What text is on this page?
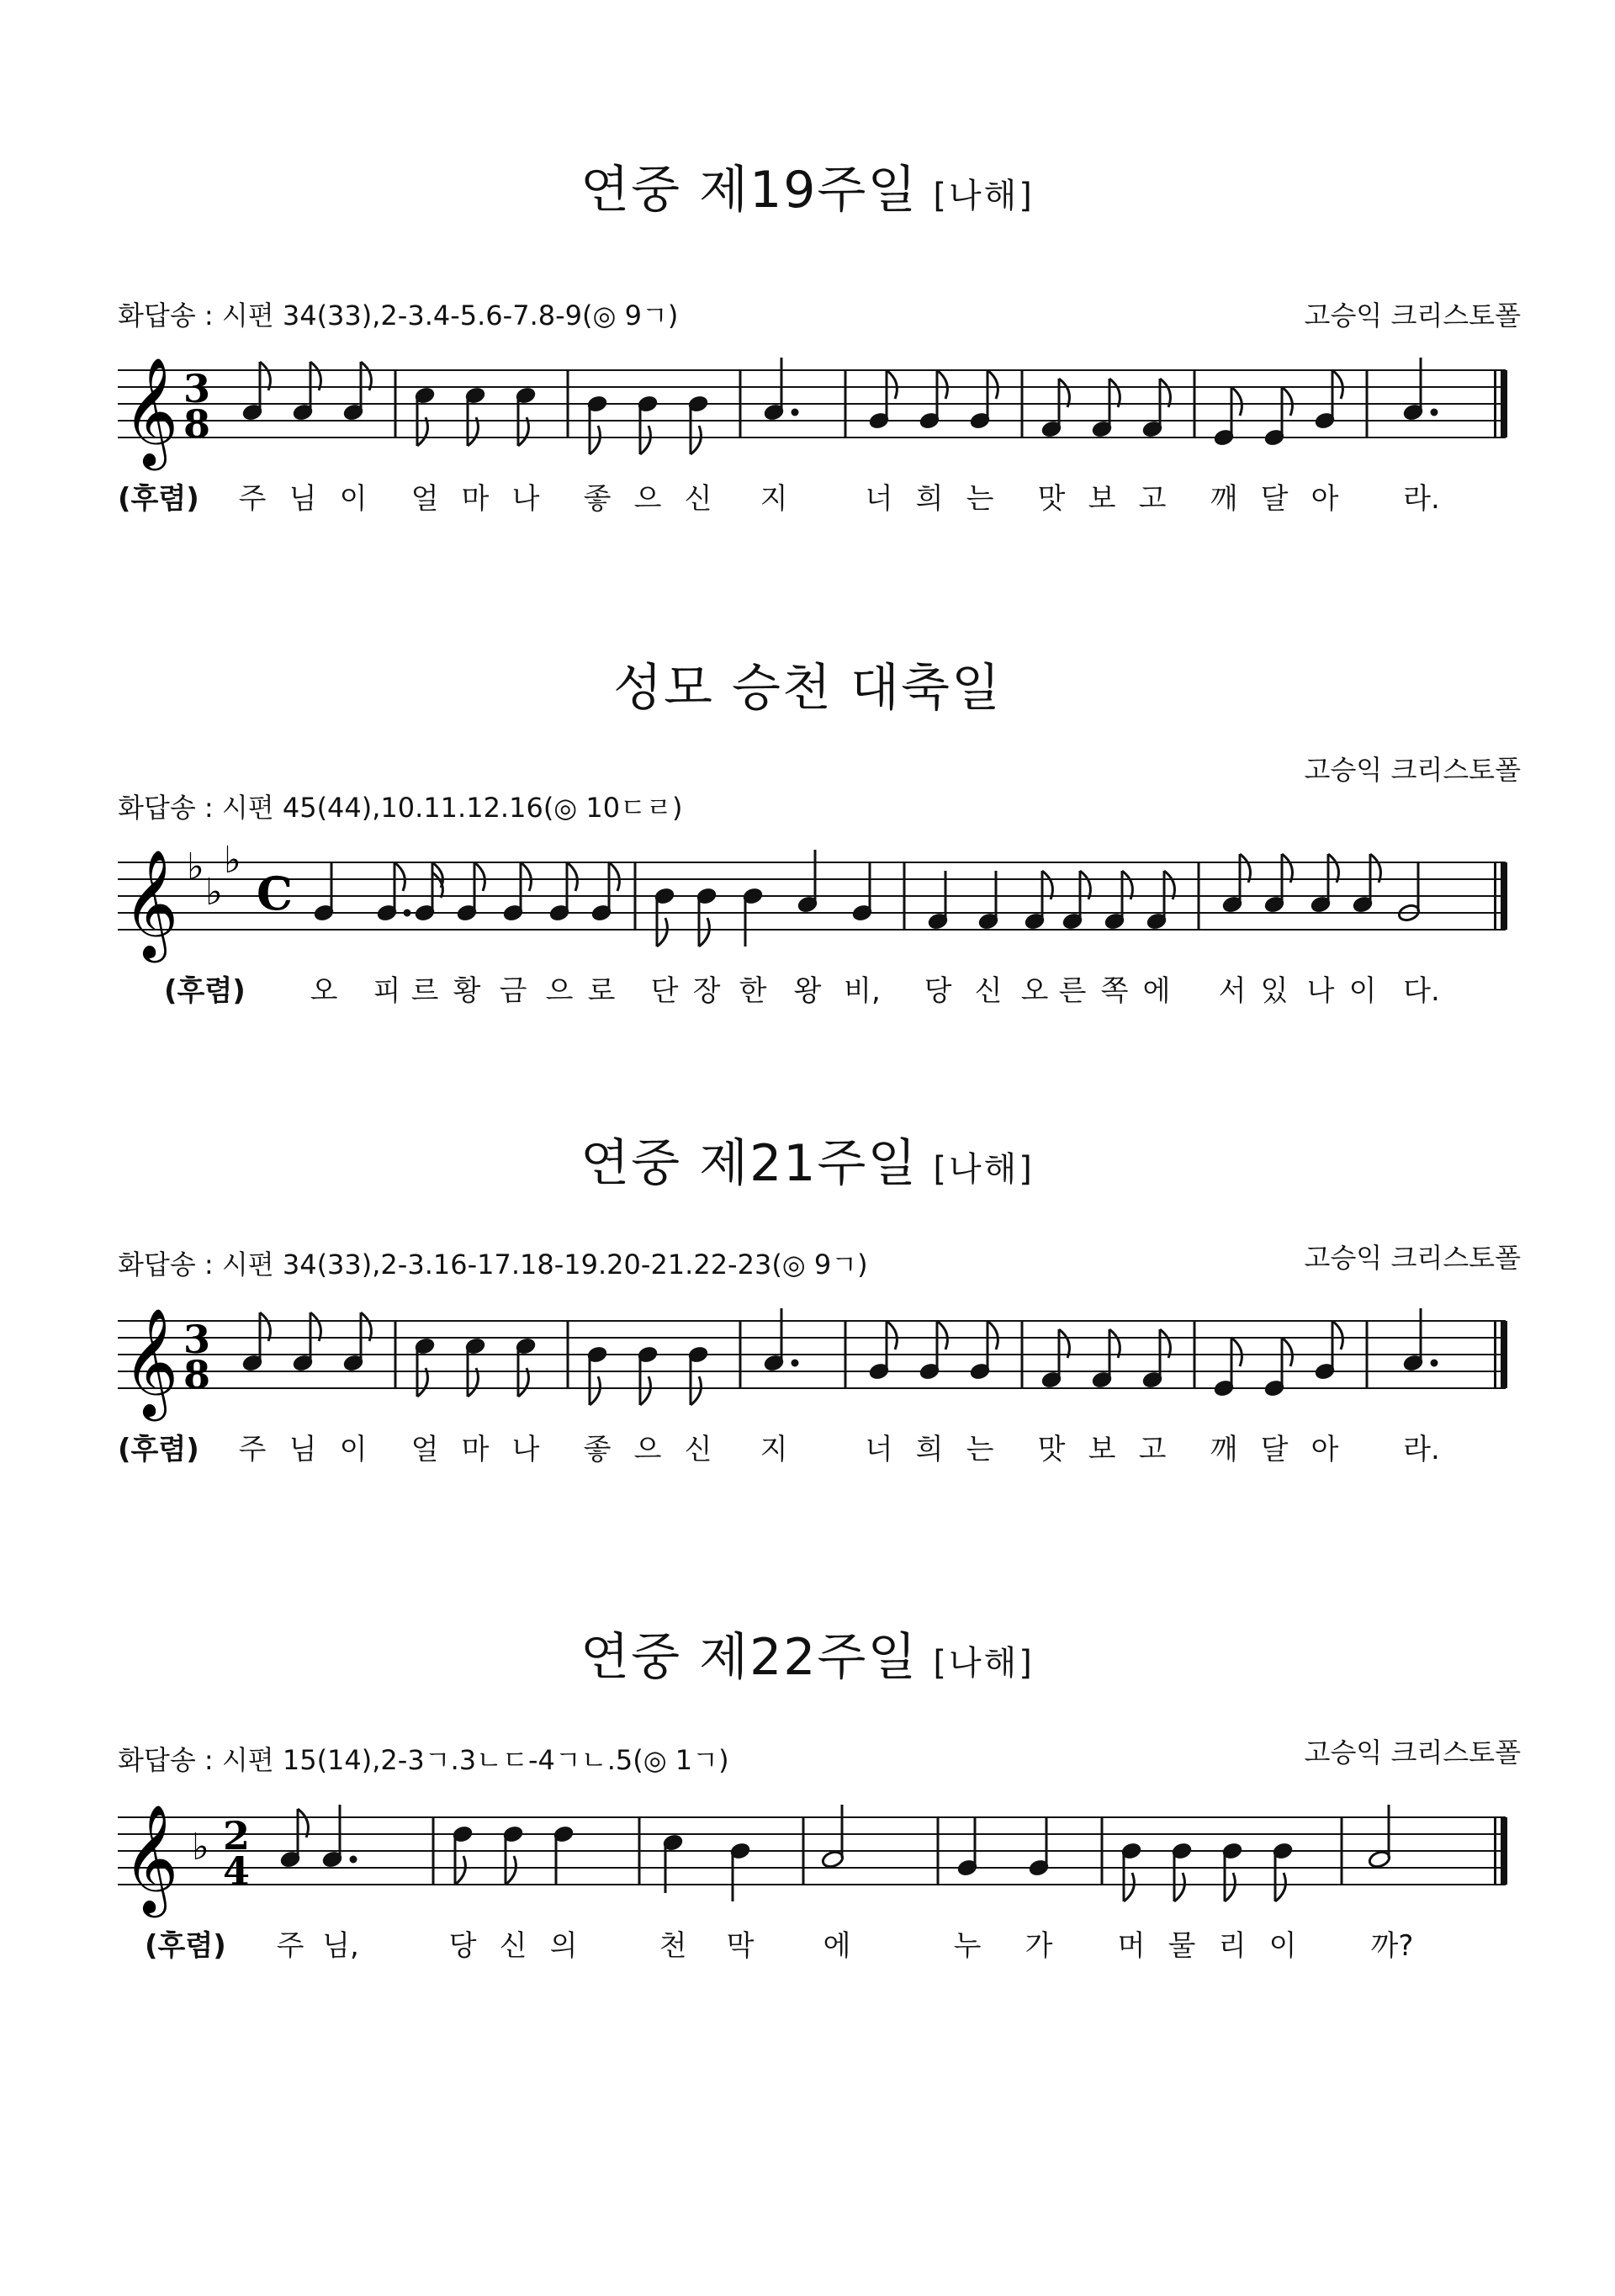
연중 제19주일 [나해]
화답송 : 시편 34(33),2-3.4-5.6-7.8-9(◎ 9ㄱ)	고승익 크리스토폴
𝄞 3
8
(후렴) 주 님 이 얼 마 나 좋 으 신 지	너 희 는 맛 보 고 깨 달 아 라.
성모 승천 대축일
고승익 크리스토폴
화답송 : 시편 45(44),10.11.12.16(◎ 10ㄷㄹ)
𝄞 ♭
♭
♭
C
(후렴) 오 피 르 황 금 으 로 단 장 한 왕 비, 당 신 오 른 쪽 에 서 있 나 이 다.
연중 제21주일 [나해]
화답송 : 시편 34(33),2-3.16-17.18-19.20-21.22-23(◎ 9ㄱ)	고승익 크리스토폴
𝄞 3
8
(후렴) 주 님 이 얼 마 나 좋 으 신 지	너 희 는 맛 보 고 깨 달 아 라.
연중 제22주일 [나해]
화답송 : 시편 15(14),2-3ㄱ.3ㄴㄷ-4ㄱㄴ.5(◎ 1ㄱ)	고승익 크리스토폴
𝄞 ♭ 2
4
(후렴) 주 님,	당 신 의	천 막 에	누 가 머 물 리 이	까?
